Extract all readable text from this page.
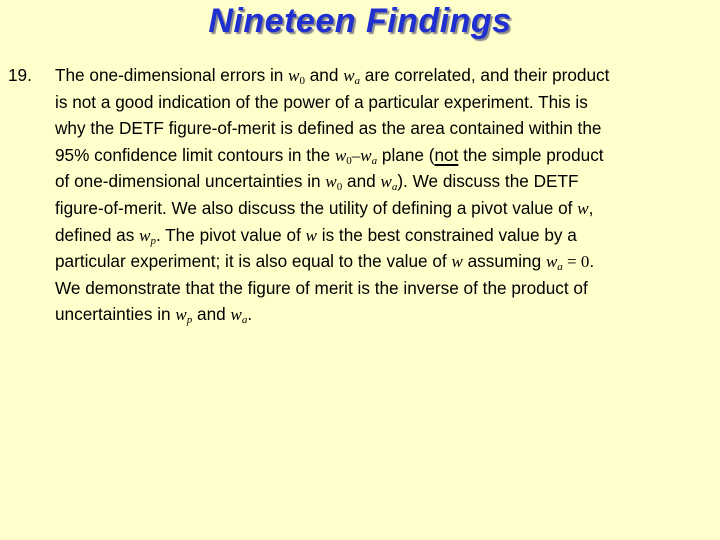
Nineteen Findings
19. The one-dimensional errors in $w_0$ and $w_a$ are correlated, and their product
is not a good indication of the power of a particular experiment. This is
why the DETF figure-of-merit is defined as the area contained within the
95% confidence limit contours in the $w_0-w_a$ plane (not the simple product
of one-dimensional uncertainties in $w_0$ and $w_a$). We discuss the DETF
figure-of-merit. We also discuss the utility of defining a pivot value of w,
defined as $w_p$. The pivot value of w is the best constrained value by a
particular experiment; it is also equal to the value of w assuming $w_a = 0$.
We demonstrate that the figure of merit is the inverse of the product of
uncertainties in $w_p$ and $w_a$.
